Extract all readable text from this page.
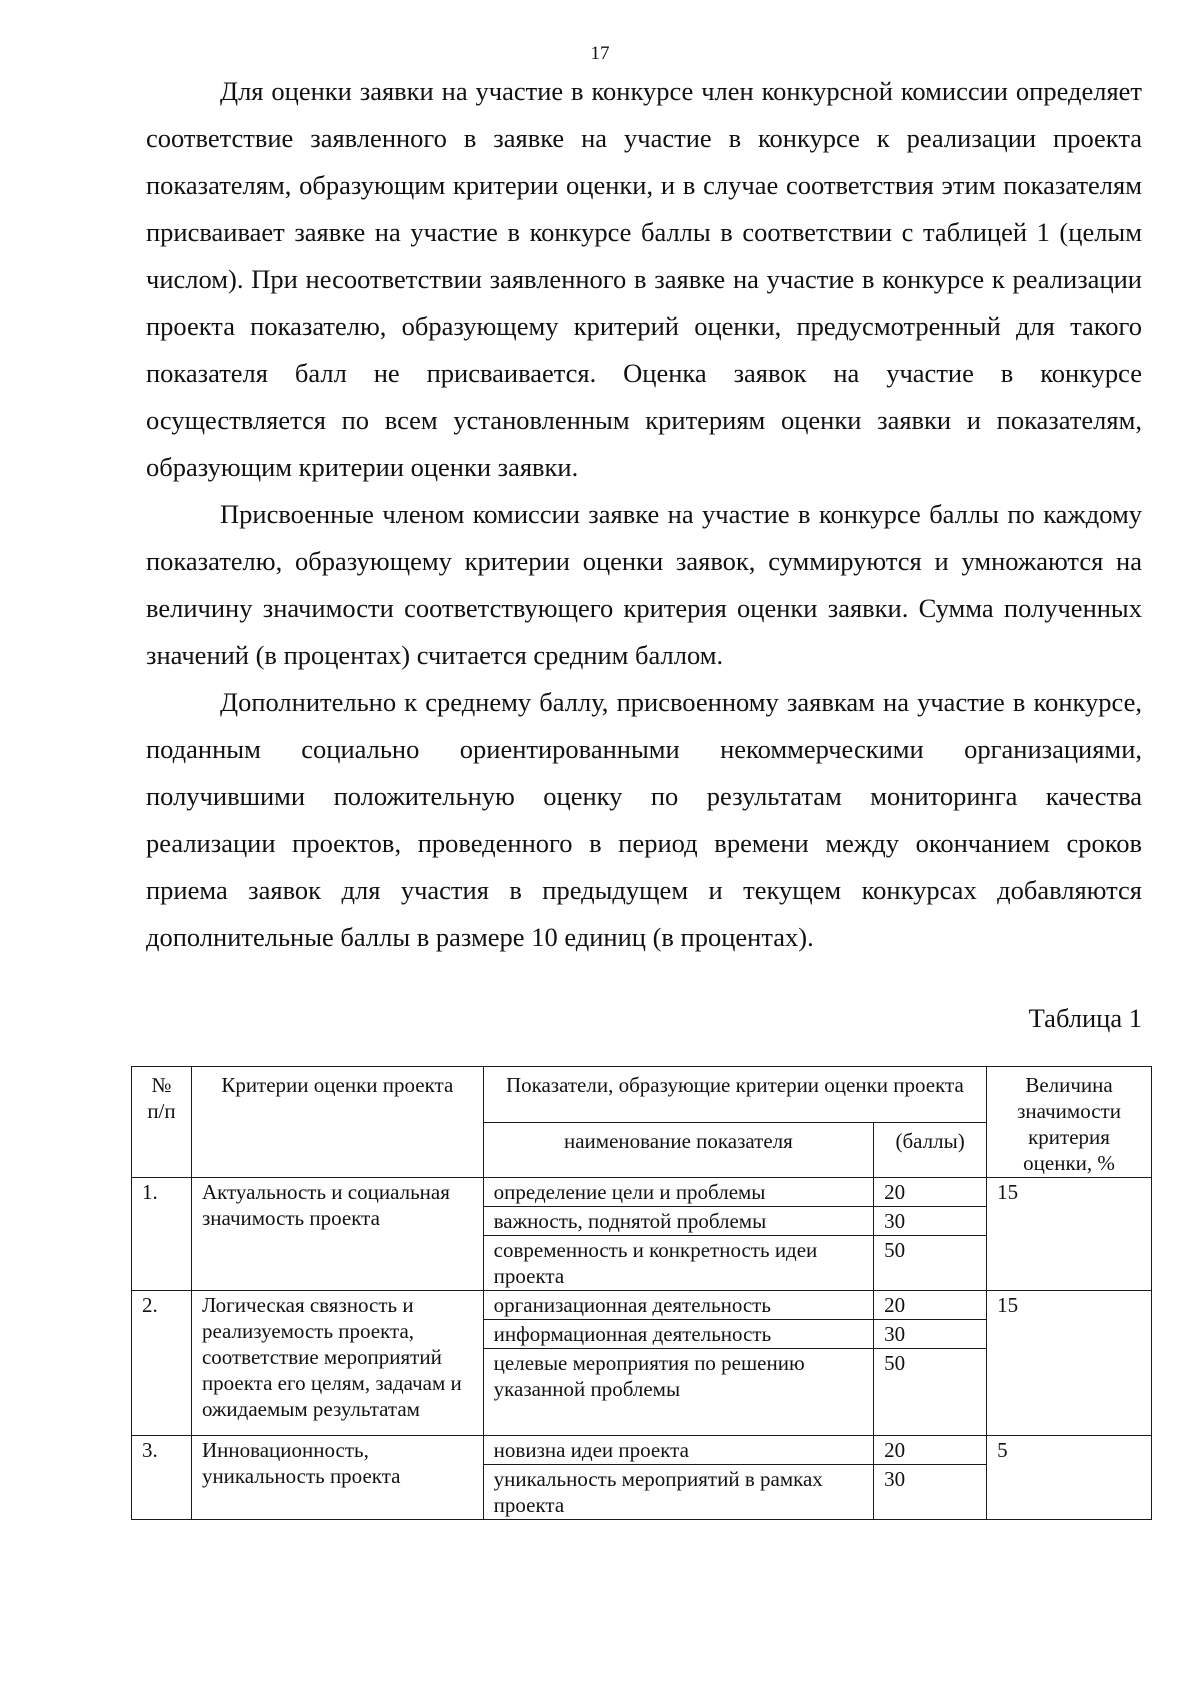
17

Для оценки заявки на участие в конкурсе член конкурсной комиссии определяет соответствие заявленного в заявке на участие в конкурсе к реализации проекта показателям, образующим критерии оценки, и в случае соответствия этим показателям присваивает заявке на участие в конкурсе баллы в соответствии с таблицей 1 (целым числом). При несоответствии заявленного в заявке на участие в конкурсе к реализации проекта показателю, образующему критерий оценки, предусмотренный для такого показателя балл не присваивается. Оценка заявок на участие в конкурсе осуществляется по всем установленным критериям оценки заявки и показателям, образующим критерии оценки заявки.

Присвоенные членом комиссии заявке на участие в конкурсе баллы по каждому показателю, образующему критерии оценки заявок, суммируются и умножаются на величину значимости соответствующего критерия оценки заявки. Сумма полученных значений (в процентах) считается средним баллом.

Дополнительно к среднему баллу, присвоенному заявкам на участие в конкурсе, поданным социально ориентированными некоммерческими организациями, получившими положительную оценку по результатам мониторинга качества реализации проектов, проведенного в период времени между окончанием сроков приема заявок для участия в предыдущем и текущем конкурсах добавляются дополнительные баллы в размере 10 единиц (в процентах).

Таблица 1
№ п/п	Критерии оценки проекта	Показатели, образующие критерии оценки проекта		Величина значимости критерия оценки, %
		наименование показателя	(баллы)	
1.	Актуальность и социальная значимость проекта	определение цели и проблемы	20	15
		важность, поднятой проблемы	30	
		современность и конкретность идеи проекта	50	
2.	Логическая связность и реализуемость проекта, соответствие мероприятий проекта его целям, задачам и ожидаемым результатам	организационная деятельность	20	15
		информационная деятельность	30	
		целевые мероприятия по решению указанной проблемы	50	
3.	Инновационность, уникальность проекта	новизна идеи проекта	20	5
		уникальность мероприятий в рамках проекта	30	
